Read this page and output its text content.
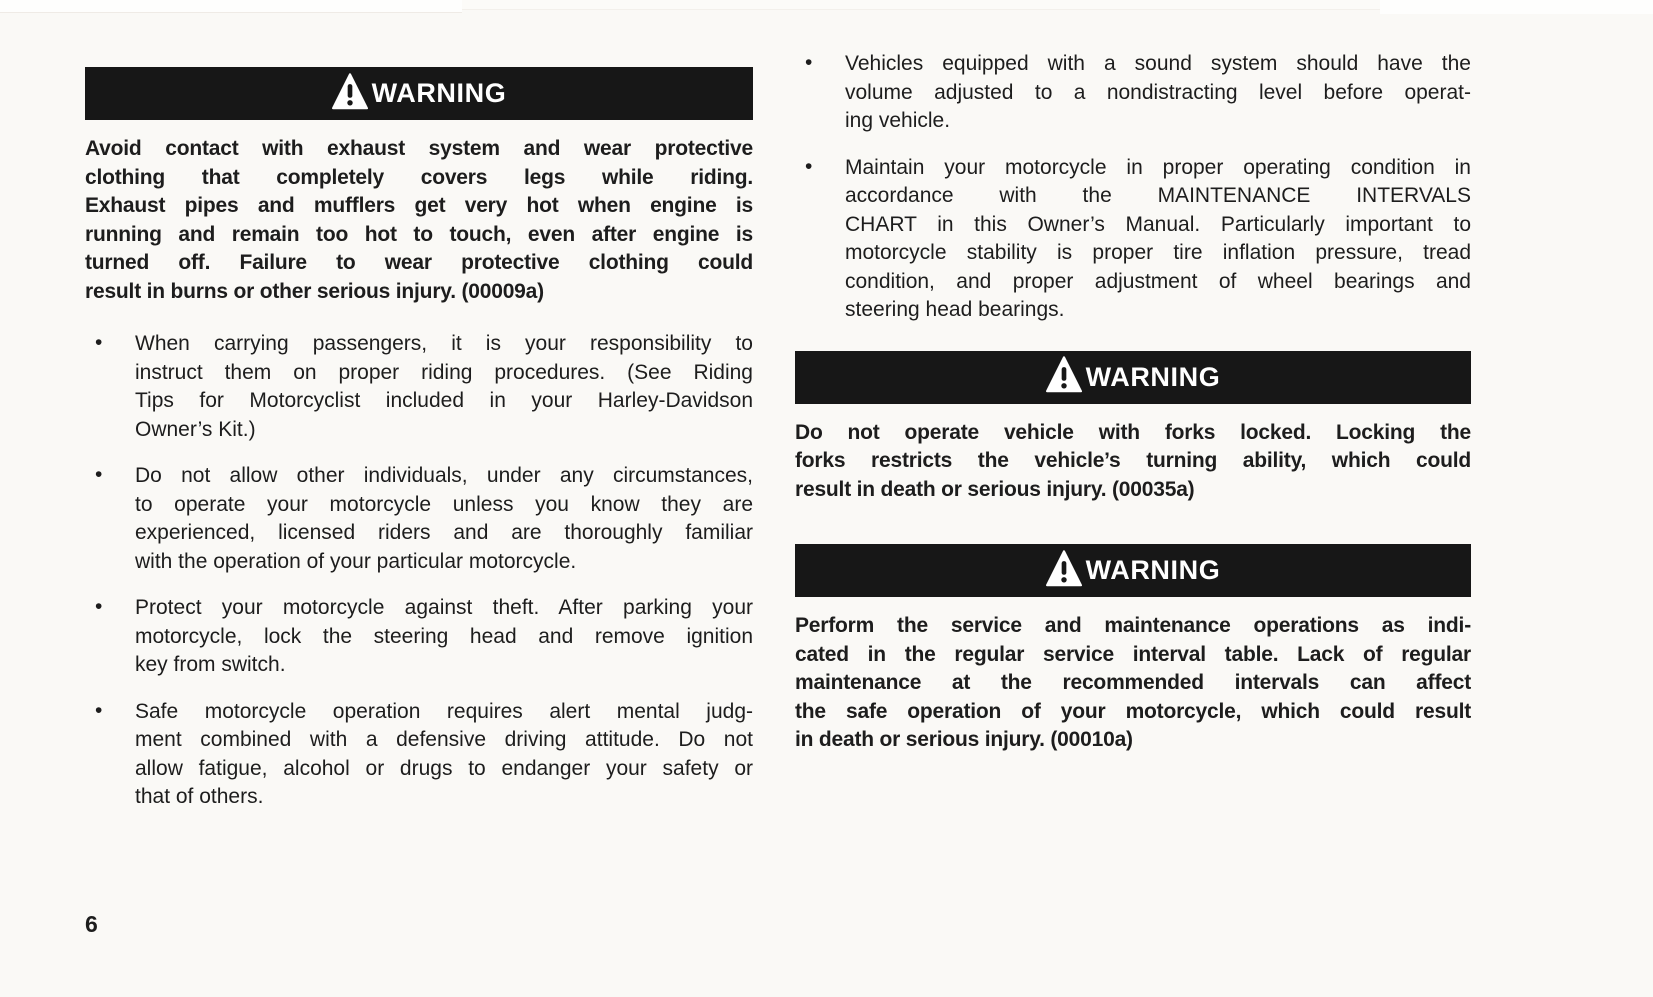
WARNING
Avoid contact with exhaust system and wear protective
clothing that completely covers legs while riding.
Exhaust pipes and mufflers get very hot when engine is
running and remain too hot to touch, even after engine is
turned off. Failure to wear protective clothing could
result in burns or other serious injury. (00009a)
• When carrying passengers, it is your responsibility to
instruct them on proper riding procedures. (See Riding
Tips for Motorcyclist included in your Harley-Davidson
Owner’s Kit.)
• Do not allow other individuals, under any circumstances,
to operate your motorcycle unless you know they are
experienced, licensed riders and are thoroughly familiar
with the operation of your particular motorcycle.
• Protect your motorcycle against theft. After parking your
motorcycle, lock the steering head and remove ignition
key from switch.
• Safe motorcycle operation requires alert mental judg-
ment combined with a defensive driving attitude. Do not
allow fatigue, alcohol or drugs to endanger your safety or
that of others.
• Vehicles equipped with a sound system should have the
volume adjusted to a nondistracting level before operat-
ing vehicle.
• Maintain your motorcycle in proper operating condition in
accordance with the MAINTENANCE INTERVALS
CHART in this Owner’s Manual. Particularly important to
motorcycle stability is proper tire inflation pressure, tread
condition, and proper adjustment of wheel bearings and
steering head bearings.
WARNING
Do not operate vehicle with forks locked. Locking the
forks restricts the vehicle’s turning ability, which could
result in death or serious injury. (00035a)
WARNING
Perform the service and maintenance operations as indi-
cated in the regular service interval table. Lack of regular
maintenance at the recommended intervals can affect
the safe operation of your motorcycle, which could result
in death or serious injury. (00010a)
6
